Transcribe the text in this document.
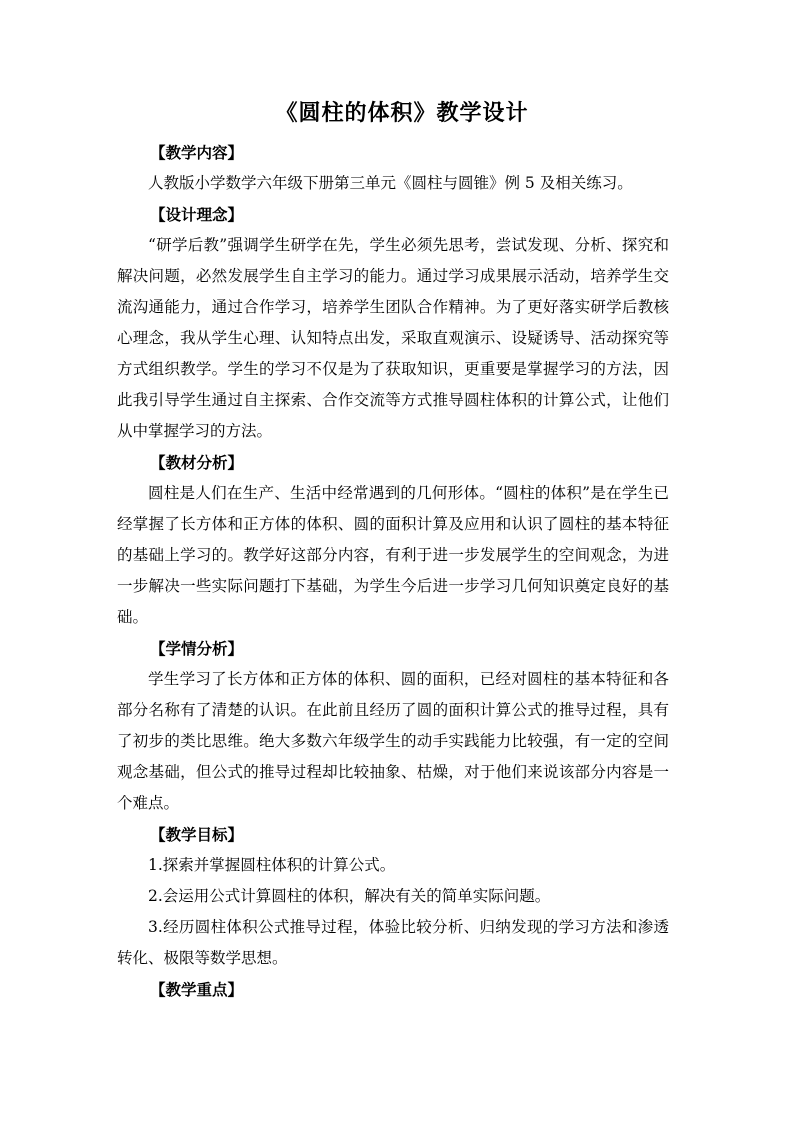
《圆柱的体积》教学设计

【教学内容】

人教版小学数学六年级下册第三单元《圆柱与圆锥》例 5 及相关练习。

【设计理念】

“研学后教”强调学生研学在先，学生必须先思考，尝试发现、分析、探究和解决问题，必然发展学生自主学习的能力。通过学习成果展示活动，培养学生交流沟通能力，通过合作学习，培养学生团队合作精神。为了更好落实研学后教核心理念，我从学生心理、认知特点出发，采取直观演示、设疑诱导、活动探究等方式组织教学。学生的学习不仅是为了获取知识，更重要是掌握学习的方法，因此我引导学生通过自主探索、合作交流等方式推导圆柱体积的计算公式，让他们从中掌握学习的方法。

【教材分析】

圆柱是人们在生产、生活中经常遇到的几何形体。“圆柱的体积”是在学生已经掌握了长方体和正方体的体积、圆的面积计算及应用和认识了圆柱的基本特征的基础上学习的。教学好这部分内容，有利于进一步发展学生的空间观念，为进一步解决一些实际问题打下基础，为学生今后进一步学习几何知识奠定良好的基础。

【学情分析】

学生学习了长方体和正方体的体积、圆的面积，已经对圆柱的基本特征和各部分名称有了清楚的认识。在此前且经历了圆的面积计算公式的推导过程，具有了初步的类比思维。绝大多数六年级学生的动手实践能力比较强，有一定的空间观念基础，但公式的推导过程却比较抽象、枯燥，对于他们来说该部分内容是一个难点。

【教学目标】

1.探索并掌握圆柱体积的计算公式。

2.会运用公式计算圆柱的体积，解决有关的简单实际问题。

3.经历圆柱体积公式推导过程，体验比较分析、归纳发现的学习方法和渗透转化、极限等数学思想。

【教学重点】
